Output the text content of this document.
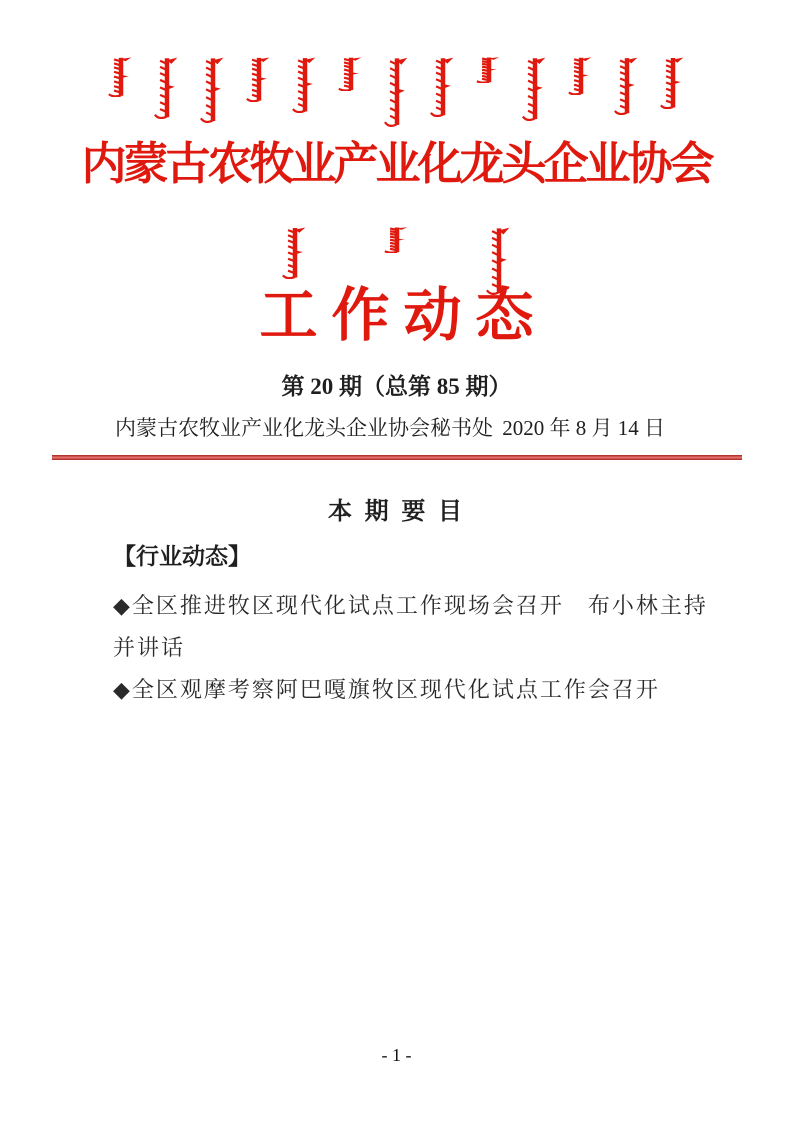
内蒙古农牧业产业化龙头企业协会
工作动态
第 20 期（总第 85 期）
内蒙古农牧业产业化龙头企业协会秘书处 2020 年 8 月 14 日
本 期 要 目
【行业动态】
◆全区推进牧区现代化试点工作现场会召开　布小林主持
并讲话
◆全区观摩考察阿巴嘎旗牧区现代化试点工作会召开
- 1 -
